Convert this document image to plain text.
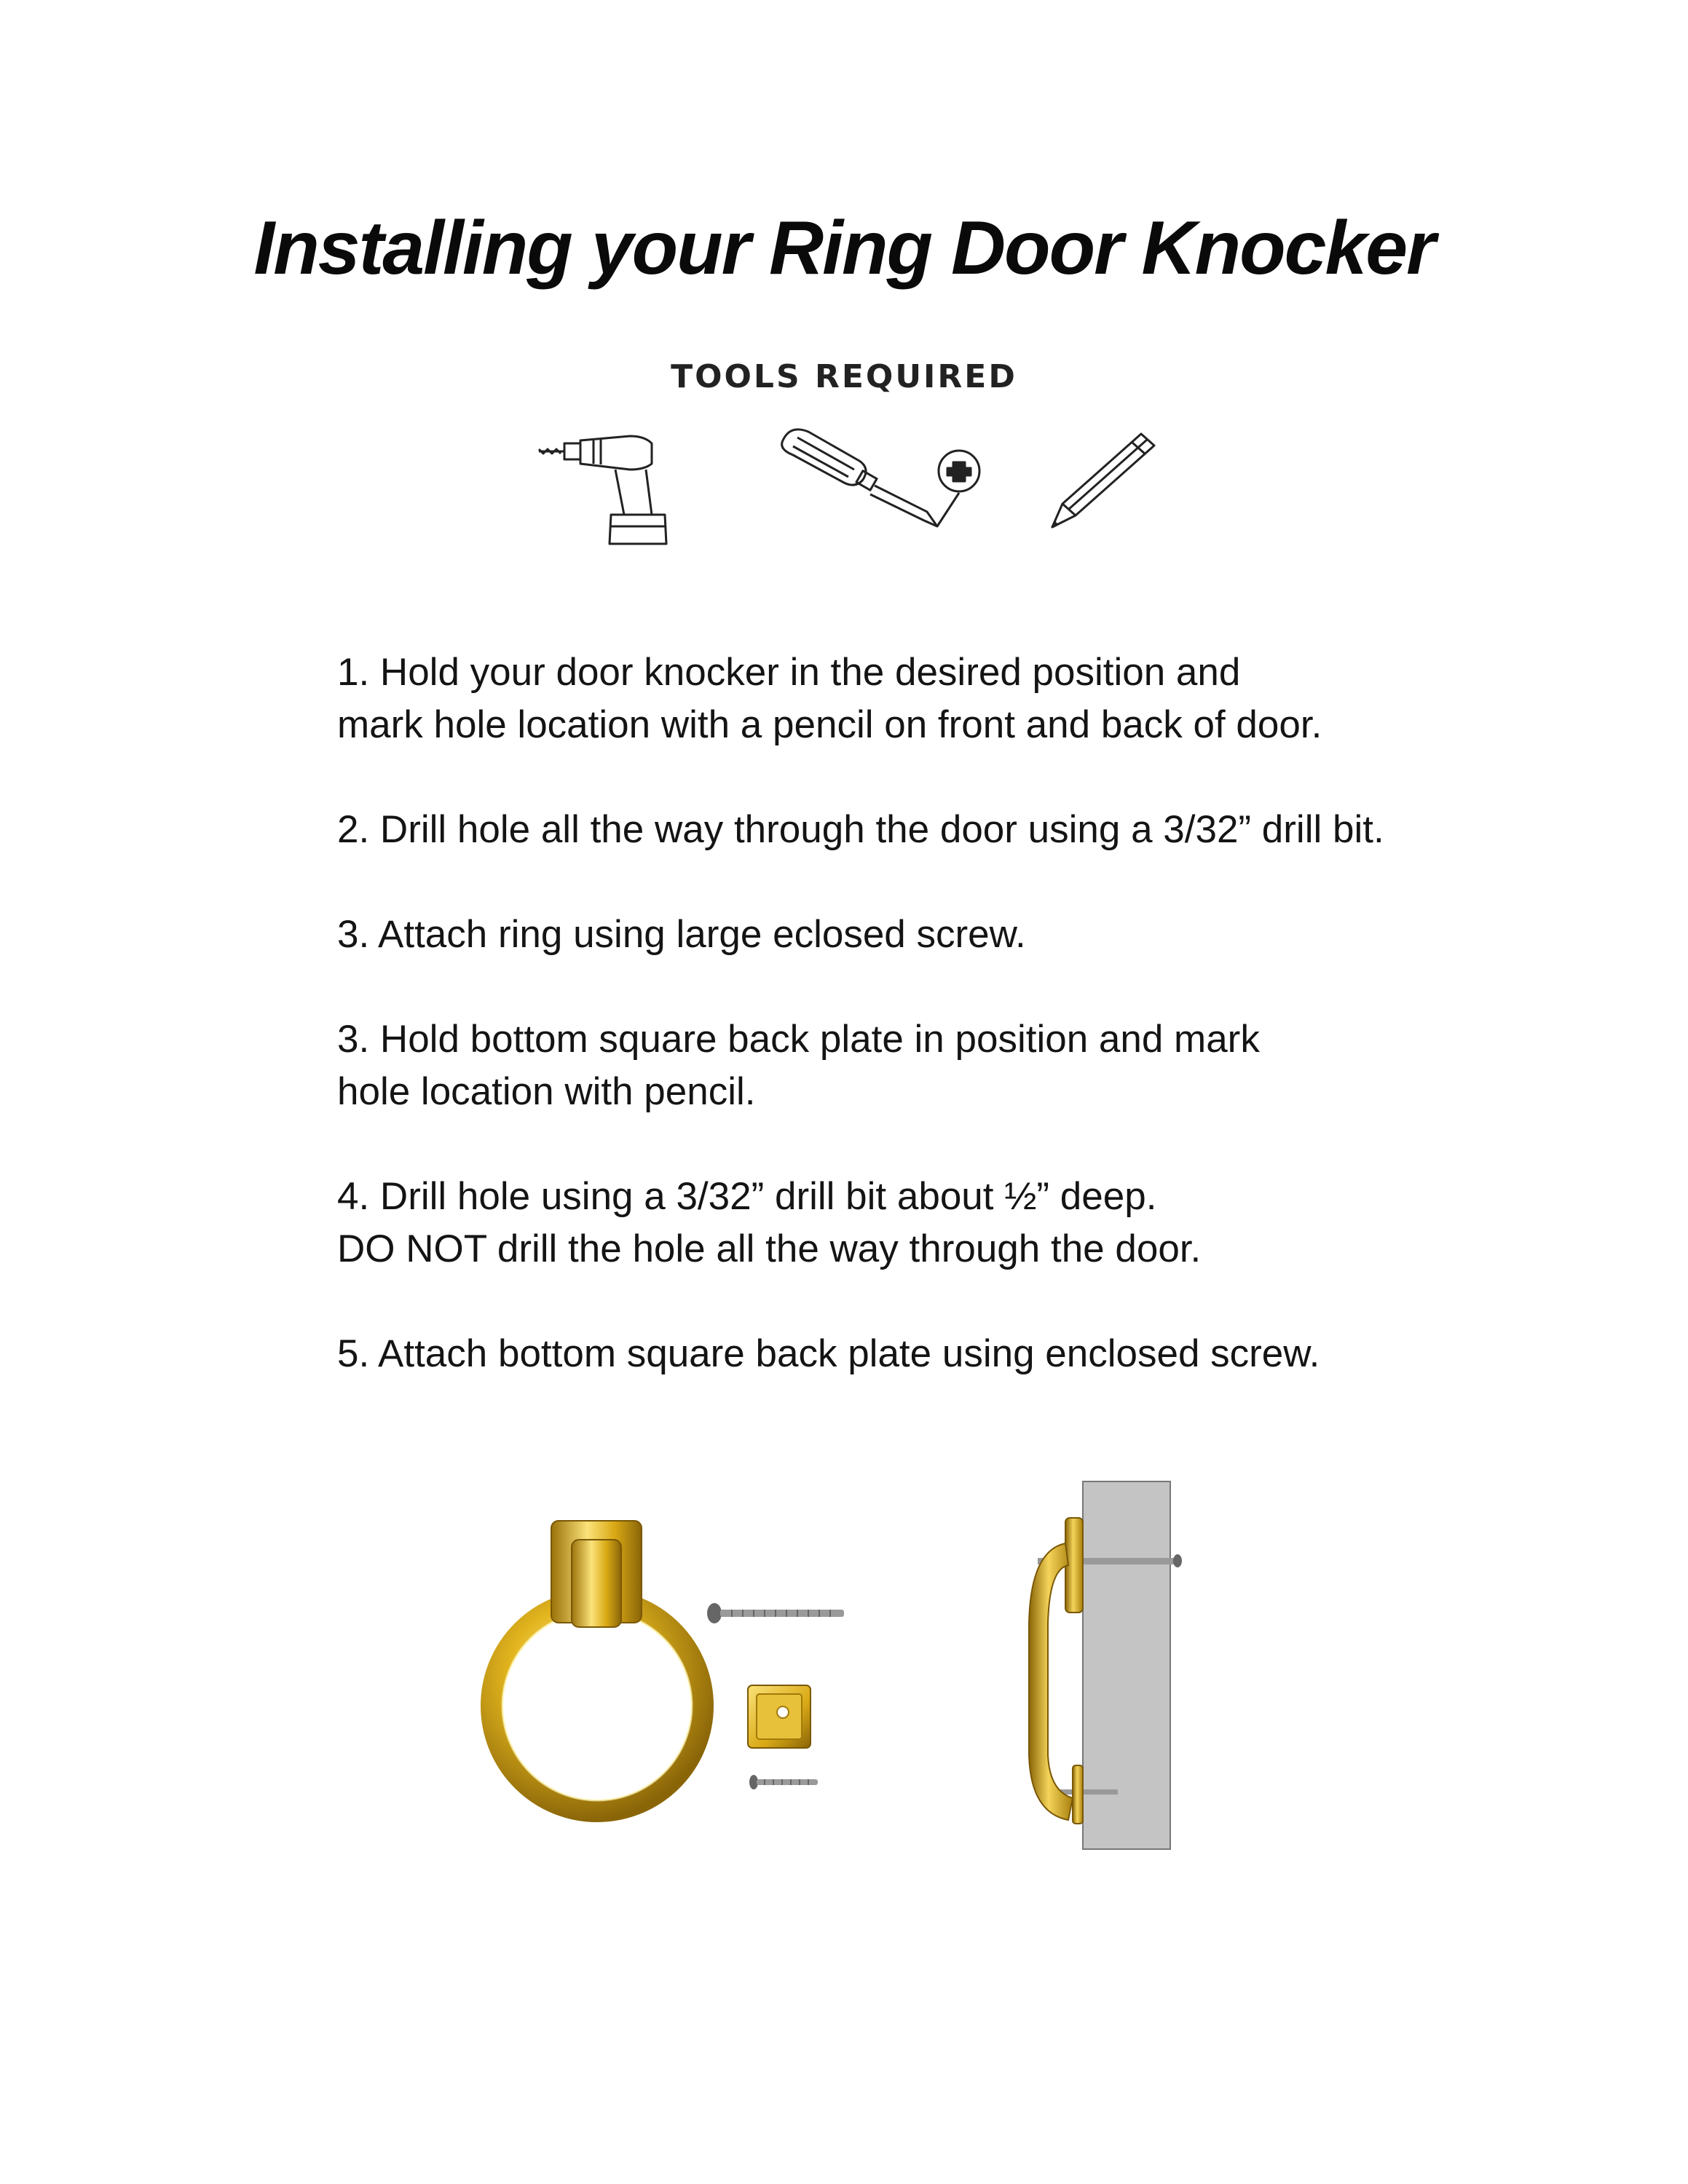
Installing your Ring Door Knocker
TOOLS REQUIRED
1. Hold your door knocker in the desired position and
mark hole location with a pencil on front and back of door.
2. Drill hole all the way through the door using a 3/32” drill bit.
3. Attach ring using large eclosed screw.
3. Hold bottom square back plate in position and mark
hole location with pencil.
4. Drill hole using a 3/32” drill bit about ½” deep.
DO NOT drill the hole all the way through the door.
5. Attach bottom square back plate using enclosed screw.
